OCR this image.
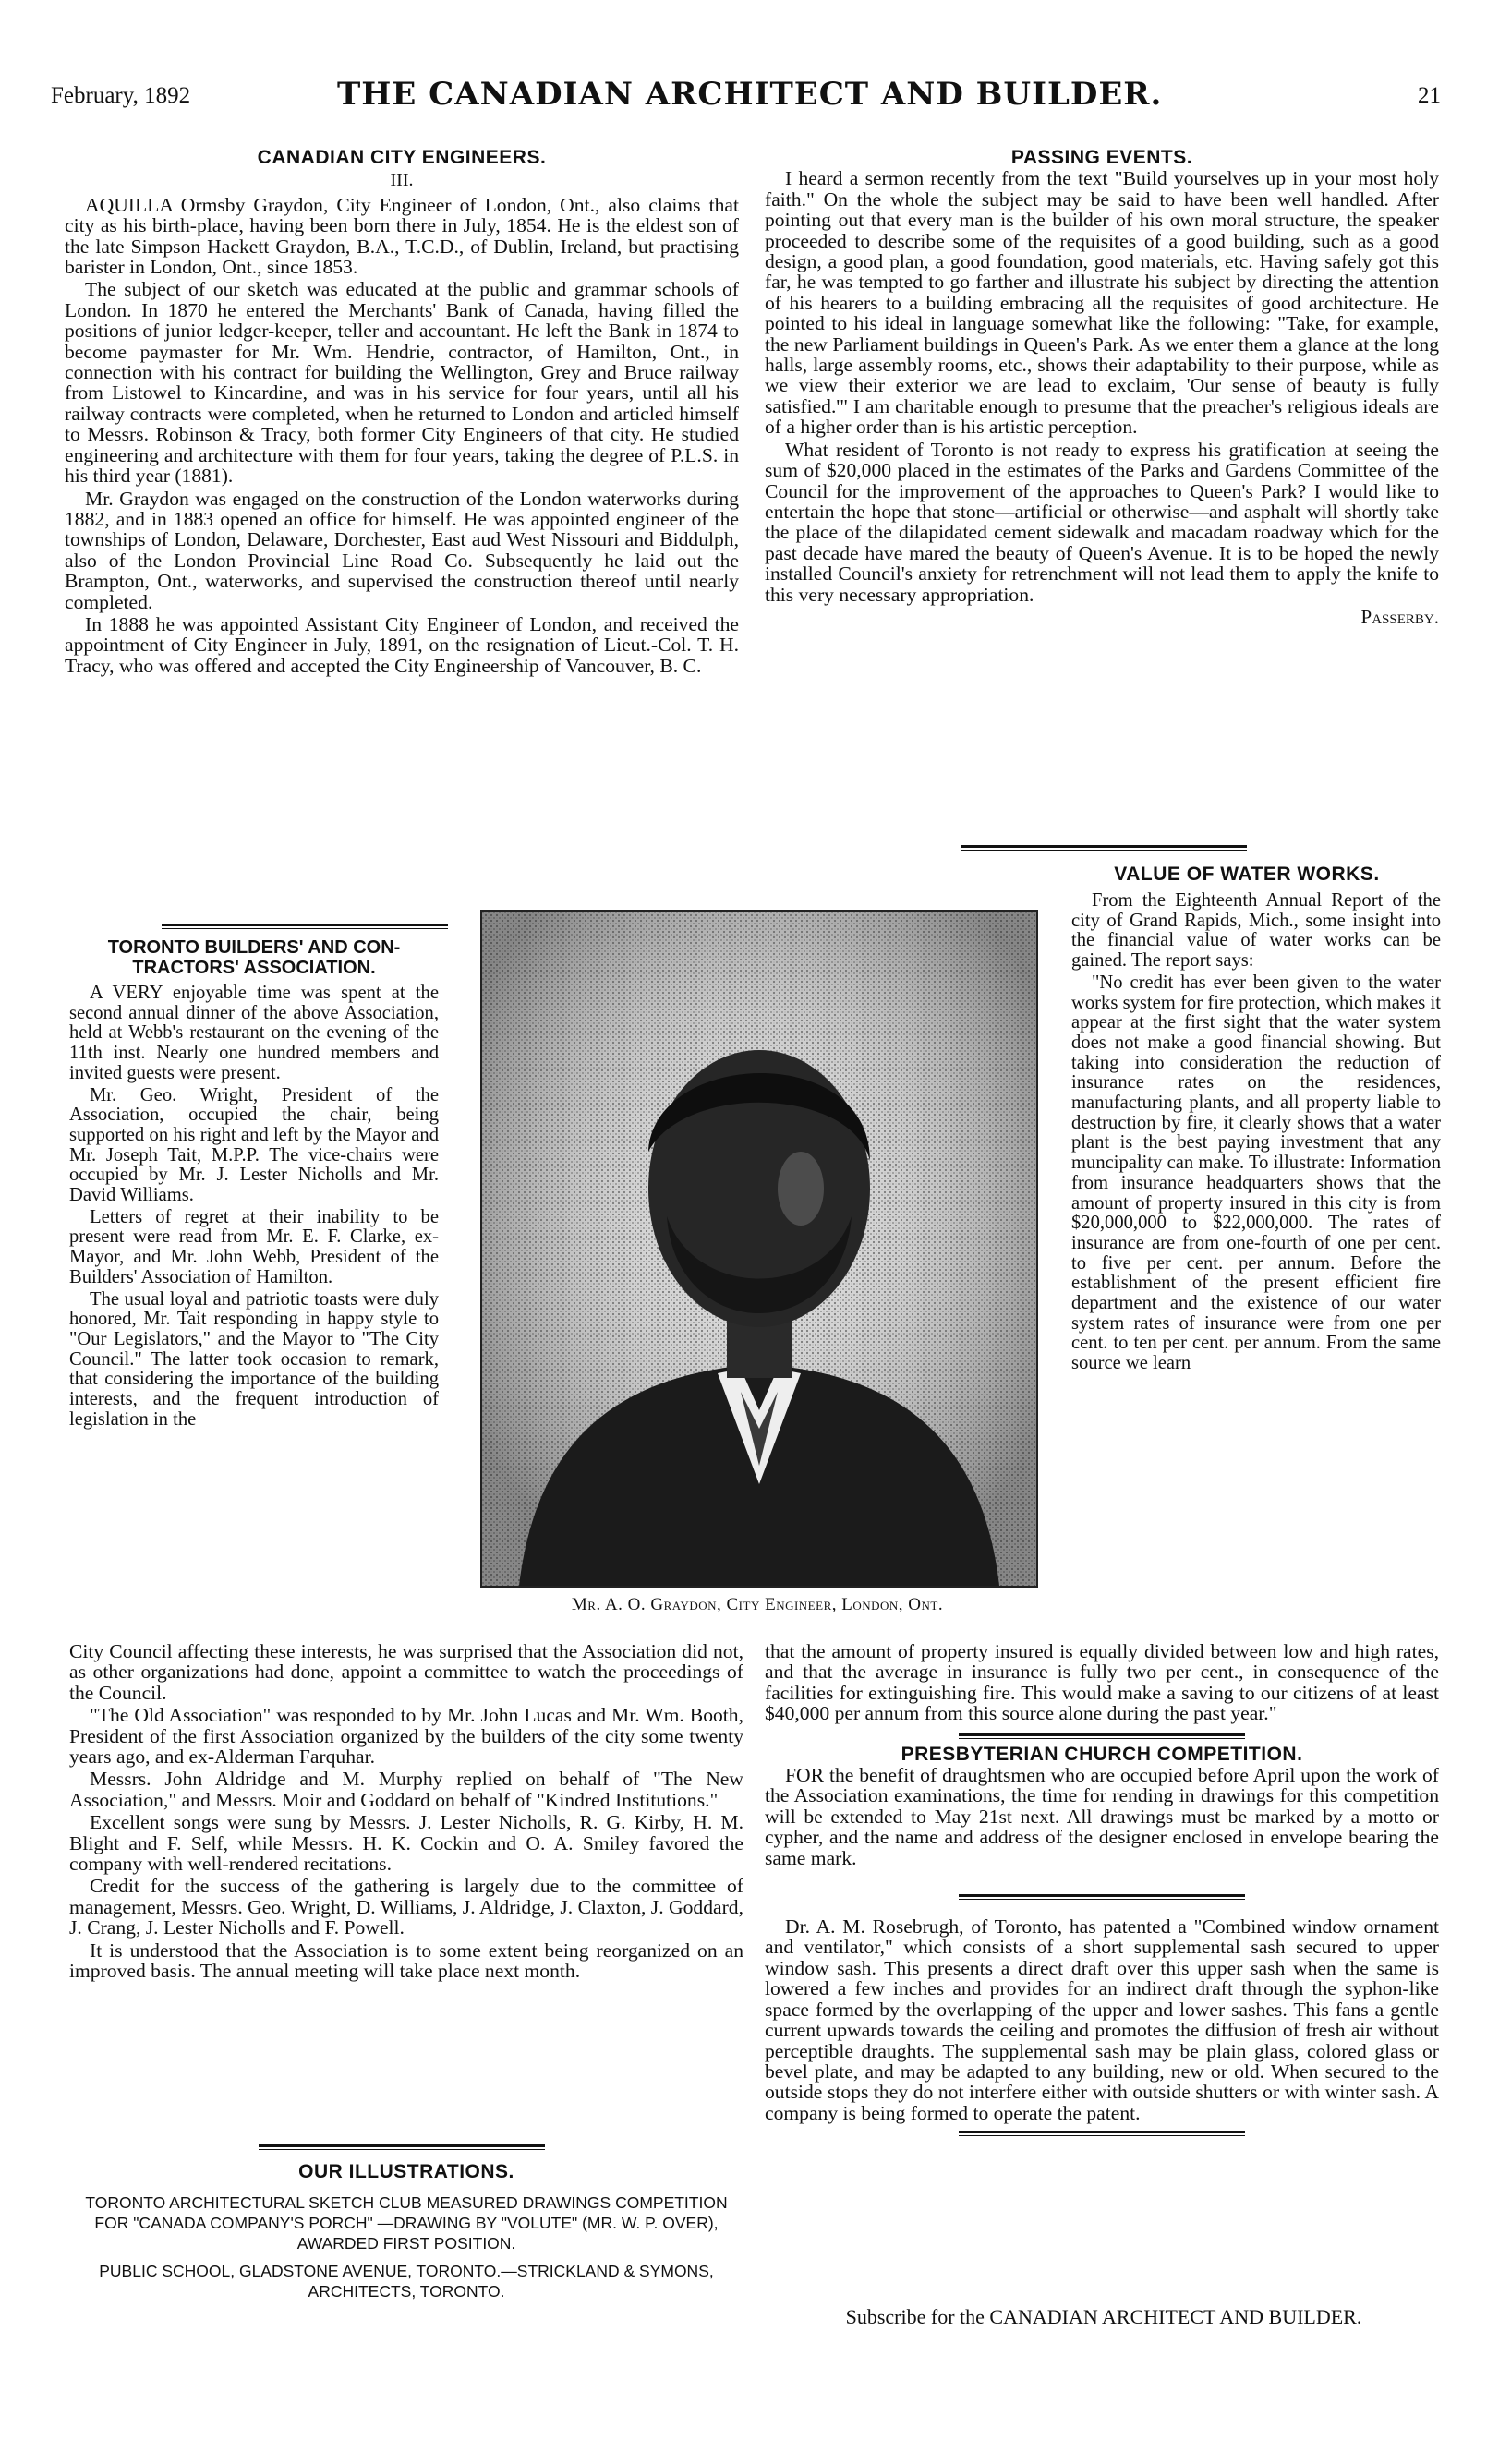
February, 1892	THE CANADIAN ARCHITECT AND BUILDER.	21
CANADIAN CITY ENGINEERS.
III.

AQUILLA Ormsby Graydon, City Engineer of London, Ont., also claims that city as his birth-place, having been born there in July, 1854. He is the eldest son of the late Simpson Hackett Graydon, B.A., T.C.D., of Dublin, Ireland, but practising barister in London, Ont., since 1853.

The subject of our sketch was educated at the public and grammar schools of London. In 1870 he entered the Merchants' Bank of Canada, having filled the positions of junior ledger-keeper, teller and accountant. He left the Bank in 1874 to become paymaster for Mr. Wm. Hendrie, contractor, of Hamilton, Ont., in connection with his contract for building the Wellington, Grey and Bruce railway from Listowel to Kincardine, and was in his service for four years, until all his railway contracts were completed, when he returned to London and articled himself to Messrs. Robinson & Tracy, both former City Engineers of that city. He studied engineering and architecture with them for four years, taking the degree of P.L.S. in his third year (1881).

Mr. Graydon was engaged on the construction of the London waterworks during 1882, and in 1883 opened an office for himself. He was appointed engineer of the townships of London, Delaware, Dorchester, East aud West Nissouri and Biddulph, also of the London Provincial Line Road Co. Subsequently he laid out the Brampton, Ont., waterworks, and supervised the construction thereof until nearly completed.

In 1888 he was appointed Assistant City Engineer of London, and received the appointment of City Engineer in July, 1891, on the resignation of Lieut.-Col. T. H. Tracy, who was offered and accepted the City Engineership of Vancouver, B. C.

PASSING EVENTS.

I heard a sermon recently from the text "Build yourselves up in your most holy faith." On the whole the subject may be said to have been well handled. After pointing out that every man is the builder of his own moral structure, the speaker proceeded to describe some of the requisites of a good building, such as a good design, a good plan, a good foundation, good materials, etc. Having safely got this far, he was tempted to go farther and illustrate his subject by directing the attention of his hearers to a building embracing all the requisites of good architecture. He pointed to his ideal in language somewhat like the following: "Take, for example, the new Parliament buildings in Queen's Park. As we enter them a glance at the long halls, large assembly rooms, etc., shows their adaptability to their purpose, while as we view their exterior we are lead to exclaim, 'Our sense of beauty is fully satisfied.'" I am charitable enough to presume that the preacher's religious ideals are of a higher order than is his artistic perception.

What resident of Toronto is not ready to express his gratification at seeing the sum of $20,000 placed in the estimates of the Parks and Gardens Committee of the Council for the improvement of the approaches to Queen's Park? I would like to entertain the hope that stone—artificial or otherwise—and asphalt will shortly take the place of the dilapidated cement sidewalk and macadam roadway which for the past decade have mared the beauty of Queen's Avenue. It is to be hoped the newly installed Council's anxiety for retrenchment will not lead them to apply the knife to this very necessary appropriation.

Passerby.
VALUE OF WATER WORKS.

From the Eighteenth Annual Report of the city of Grand Rapids, Mich., some insight into the financial value of water works can be gained. The report says:

"No credit has ever been given to the water works system for fire protection, which makes it appear at the first sight that the water system does not make a good financial showing. But taking into consideration the reduction of insurance rates on the residences, manufacturing plants, and all property liable to destruction by fire, it clearly shows that a water plant is the best paying investment that any muncipality can make. To illustrate: Information from insurance headquarters shows that the amount of property insured in this city is from $20,000,000 to $22,000,000. The rates of insurance are from one-fourth of one per cent. to five per cent. per annum. Before the establishment of the present efficient fire department and the existence of our water system rates of insurance were from one per cent. to ten per cent. per annum. From the same source we learn

TORONTO BUILDERS' AND CON-
TRACTORS' ASSOCIATION.

A VERY enjoyable time was spent at the second annual dinner of the above Association, held at Webb's restaurant on the evening of the 11th inst. Nearly one hundred members and invited guests were present.

Mr. Geo. Wright, President of the Association, occupied the chair, being supported on his right and left by the Mayor and Mr. Joseph Tait, M.P.P. The vice-chairs were occupied by Mr. J. Lester Nicholls and Mr. David Williams.

Letters of regret at their inability to be present were read from Mr. E. F. Clarke, ex-Mayor, and Mr. John Webb, President of the Builders' Association of Hamilton.

The usual loyal and patriotic toasts were duly honored, Mr. Tait responding in happy style to "Our Legislators," and the Mayor to "The City Council." The latter took occasion to remark, that considering the importance of the building interests, and the frequent introduction of legislation in the

Mr. A. O. Graydon, City Engineer, London, Ont.

City Council affecting these interests, he was surprised that the Association did not, as other organizations had done, appoint a committee to watch the proceedings of the Council.

"The Old Association" was responded to by Mr. John Lucas and Mr. Wm. Booth, President of the first Association organized by the builders of the city some twenty years ago, and ex-Alderman Farquhar.

Messrs. John Aldridge and M. Murphy replied on behalf of "The New Association," and Messrs. Moir and Goddard on behalf of "Kindred Institutions."

Excellent songs were sung by Messrs. J. Lester Nicholls, R. G. Kirby, H. M. Blight and F. Self, while Messrs. H. K. Cockin and O. A. Smiley favored the company with well-rendered recitations.

Credit for the success of the gathering is largely due to the committee of management, Messrs. Geo. Wright, D. Williams, J. Aldridge, J. Claxton, J. Goddard, J. Crang, J. Lester Nicholls and F. Powell.

It is understood that the Association is to some extent being reorganized on an improved basis. The annual meeting will take place next month.

OUR ILLUSTRATIONS.
TORONTO ARCHITECTURAL SKETCH CLUB MEASURED DRAWINGS COMPETITION FOR "CANADA COMPANY'S PORCH" —DRAWING BY "VOLUTE" (MR. W. P. OVER), AWARDED FIRST POSITION.
PUBLIC SCHOOL, GLADSTONE AVENUE, TORONTO.—STRICKLAND & SYMONS, ARCHITECTS, TORONTO.

that the amount of property insured is equally divided between low and high rates, and that the average in insurance is fully two per cent., in consequence of the facilities for extinguishing fire. This would make a saving to our citizens of at least $40,000 per annum from this source alone during the past year."

PRESBYTERIAN CHURCH COMPETITION.

FOR the benefit of draughtsmen who are occupied before April upon the work of the Association examinations, the time for rending in drawings for this competition will be extended to May 21st next. All drawings must be marked by a motto or cypher, and the name and address of the designer enclosed in envelope bearing the same mark.

Dr. A. M. Rosebrugh, of Toronto, has patented a "Combined window ornament and ventilator," which consists of a short supplemental sash secured to upper window sash. This presents a direct draft over this upper sash when the same is lowered a few inches and provides for an indirect draft through the syphon-like space formed by the overlapping of the upper and lower sashes. This fans a gentle current upwards towards the ceiling and promotes the diffusion of fresh air without perceptible draughts. The supplemental sash may be plain glass, colored glass or bevel plate, and may be adapted to any building, new or old. When secured to the outside stops they do not interfere either with outside shutters or with winter sash. A company is being formed to operate the patent.

Subscribe for the CANADIAN ARCHITECT AND BUILDER.
